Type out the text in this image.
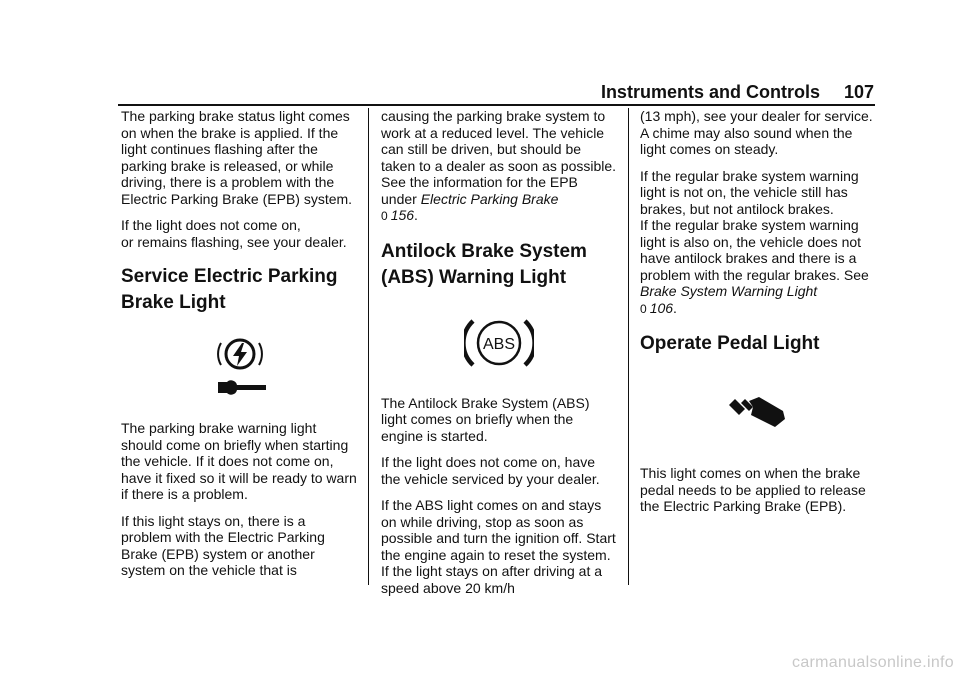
Instruments and Controls 107

The parking brake status light comes on when the brake is applied. If the light continues flashing after the parking brake is released, or while driving, there is a problem with the Electric Parking Brake (EPB) system.

If the light does not come on,
or remains flashing, see your dealer.

Service Electric Parking Brake Light

The parking brake warning light should come on briefly when starting the vehicle. If it does not come on, have it fixed so it will be ready to warn if there is a problem.

If this light stays on, there is a problem with the Electric Parking Brake (EPB) system or another system on the vehicle that is

causing the parking brake system to work at a reduced level. The vehicle can still be driven, but should be taken to a dealer as soon as possible. See the information for the EPB under Electric Parking Brake
0 156.

Antilock Brake System (ABS) Warning Light
ABS

The Antilock Brake System (ABS) light comes on briefly when the engine is started.

If the light does not come on, have the vehicle serviced by your dealer.

If the ABS light comes on and stays on while driving, stop as soon as possible and turn the ignition off. Start the engine again to reset the system. If the light stays on after driving at a speed above 20 km/h

(13 mph), see your dealer for service. A chime may also sound when the light comes on steady.

If the regular brake system warning light is not on, the vehicle still has brakes, but not antilock brakes.

If the regular brake system warning light is also on, the vehicle does not have antilock brakes and there is a problem with the regular brakes. See Brake System Warning Light
0 106.

Operate Pedal Light

This light comes on when the brake pedal needs to be applied to release the Electric Parking Brake (EPB).

carmanualsonline.info
